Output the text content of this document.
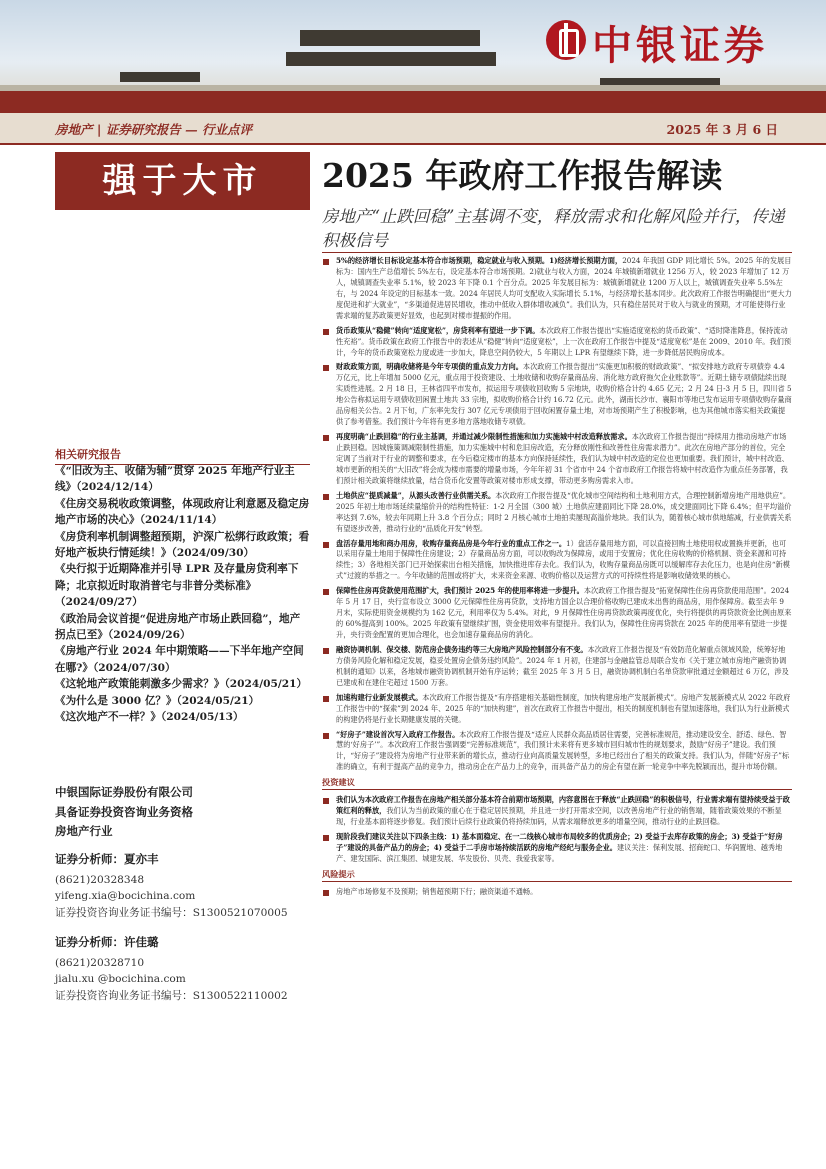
中银证券
房地产 | 证券研究报告 — 行业点评	2025 年 3 月 6 日
强于大市	2025 年政府工作报告解读
房地产“止跌回稳”主基调不变，释放需求和化解风险并行，传递积极信号
5%的经济增长目标设定基本符合市场预期，稳定就业与收入预期。1)经济增长预期方面，2024 年我国 GDP 同比增长 5%。2025 年的发展目标为：国内生产总值增长 5%左右，设定基本符合市场预期。2)就业与收入方面，2024 年城镇新增就业 1256 万人，较 2023 年增加了 12 万人，城镇调查失业率 5.1%，较 2023 年下降 0.1 个百分点。2025 年发展目标为：城镇新增就业 1200 万人以上，城镇调查失业率 5.5%左右，与 2024 年设定的目标基本一致。2024 年居民人均可支配收入实际增长 5.1%，与经济增长基本同步。此次政府工作报告明确提出“更大力度促进和扩大就业”，“多渠道促进居民增收，推动中低收入群体增收减负”。我们认为，只有稳住居民对于收入与就业的预期，才可能使得行业需求端的复苏政策更好显效，也起到对楼市提振的作用。
货币政策从“稳健”转向“适度宽松”，房贷利率有望进一步下调。本次政府工作报告提出“实施适度宽松的货币政策”、“适时降准降息，保持流动性充裕”。货币政策在政府工作报告中的表述从“稳健”转向“适度宽松”，上一次在政府工作报告中提及“适度宽松”是在 2009、2010 年。我们预计，今年的货币政策宽松力度或进一步加大，降息空间仍较大，5 年期以上 LPR 有望继续下降，进一步降低居民购房成本。
财政政策方面，明确收储将是今年专项债的重点发力方向。本次政府工作报告提出“实施更加积极的财政政策”、“拟安排地方政府专项债券 4.4 万亿元，比上年增加 5000 亿元，重点用于投资建设、土地收储和收购存量商品房、消化地方政府拖欠企业账款等”。近期土储专项债陆续出现实质性进展。2 月 18 日，王林省四平市发布，拟运用专项债收回收购 5 宗地块，收购价格合计约 4.65 亿元；2 月 24 日-3 月 5 日，四川省 5 地公告称拟运用专项债收回闲置土地共 33 宗地，拟收购价格合计约 16.72 亿元。此外，湖南长沙市、襄阳市等地已发布运用专项债收购存量商品房相关公告。2 月下旬，广东率先发行 307 亿元专项债用于回收闲置存量土地，对市场预期产生了积极影响，也为其他城市落实相关政策提供了参考借鉴。我们预计今年将有更多地方落地收储专项债。
再度明确“止跌回稳”的行业主基调，并通过减少限制性措施和加力实施城中村改造释放需求。本次政府工作报告提出“持续用力推动房地产市场止跌回稳。因城施策调减限制性措施，加力实施城中村和危旧房改造，充分释放刚性和改善性住房需求潜力”。此次在房地产部分的首位，完全定调了当前对于行业的调整和要求，在今后稳定楼市的基本方向保持延续性，我们认为城中村改造的定位也更加重要。我们预计，城中村改造、城市更新的相关的“大旧改”将会成为楼市需要的增量市场，今年年初 31 个省市中 24 个省市政府工作报告将城中村改造作为重点任务部署，我们预计相关政策将继续放量，结合货币化安置等政策对楼市形成支撑，带动更多购房需求入市。
土地供应“提质减量”，从源头改善行业供需关系。本次政府工作报告提及“优化城市空间结构和土地利用方式，合理控制新增房地产用地供应”。2025 年初土地市场延续量缩价升的结构性特征：1-2 月全国（300 城）土地供应建面同比下降 28.0%，成交建面同比下降 6.4%；但平均溢价率达到 7.6%，较去年同期上升 3.8 个百分点；同时 2 月核心城市土地拍卖屡现高溢价地块。我们认为，随着核心城市供地缩减，行业供需关系有望逐步改善，推动行业的“品质化开发”转型。
盘活存量用地和商办用房，收购存量商品房是今年行业的重点工作之一。1）盘活存量用地方面，可以直接回购土地使用权或置换并更新，也可以采用存量土地用于保障性住房建设；2）存量商品房方面，可以收购改为保障房，或用于安置房；优化住房收购的价格机制、资金来源和可持续性；3）各地相关部门已开始探索出台相关措施，加快推进库存去化。我们认为，收购存量商品房既可以缓解库存去化压力，也是向住房“新模式”过渡的举措之一。今年收储的范围或将扩大，未来资金来源、收购价格以及运营方式的可持续性将是影响收储效果的核心。
保障性住房再贷款使用范围扩大，我们预计 2025 年的使用率将进一步提升。本次政府工作报告提及“拓宽保障性住房再贷款使用范围”。2024 年 5 月 17 日，央行宣布设立 3000 亿元保障性住房再贷款，支持地方国企以合理价格收购已建成未出售的商品房，用作保障房。截至去年 9 月末，实际使用资金规模约为 162 亿元，利用率仅为 5.4%。对此，9 月保障性住房再贷款政策再度优化，央行将提供的再贷款资金比例由原来的 60%提高到 100%。2025 年政策有望继续扩围，资金使用效率有望提升。我们认为，保障性住房再贷款在 2025 年的使用率有望进一步提升，央行资金配置的更加合理化，也会加速存量商品房的消化。
融资协调机制、保交楼、防范房企债务违约等三大房地产风险控制部分有不变。本次政府工作报告提及“有效防范化解重点领域风险，统筹好地方债务风险化解和稳定发展，稳妥处置房企债务违约风险”。2024 年 1 月初，住建部与金融监管总局联合发布《关于建立城市房地产融资协调机制的通知》以来，各地城市融资协调机制开始有序运转；截至 2025 年 3 月 5 日，融资协调机制白名单贷款审批通过金额超过 6 万亿，涉及已建成和在建住宅超过 1500 万套。
加速构建行业新发展模式。本次政府工作报告提及“有序搭建相关基础性制度，加快构建房地产发展新模式”。房地产发展新模式从 2022 年政府工作报告中的“探索”到 2024 年、2025 年的“加快构建”，首次在政府工作报告中提出，相关的制度机制也有望加速落地，我们认为行业新模式的构建仍将是行业长期健康发展的关键。
“好房子”建设首次写入政府工作报告。本次政府工作报告提及“适应人民群众高品质居住需要，完善标准规范，推动建设安全、舒适、绿色、智慧的‘好房子’”。本次政府工作报告强调要“完善标准规范”，我们预计未来将有更多城市回归城市性的规划要求，鼓励“好房子”建设。我们预计，“好房子”建设将为房地产行业带来新的增长点，推动行业向高质量发展转型，多地已经出台了相关的政策支持。我们认为，伴随“好房子”标准的确立，有利于提高产品的竞争力，推动房企在产品力上的竞争，而具备产品力的房企有望在新一轮竞争中率先脱颖而出，提升市场份额。
投资建议
我们认为本次政府工作报告在房地产相关部分基本符合前期市场预期，内容意图在于释放“止跌回稳”的积极信号，行业需求端有望持续受益于政策红利的释放，我们认为当前政策的重心在于稳定居民预期，并且进一步打开需求空间，以改善房地产行业的销售端，随着政策效果的不断显现，行业基本面将逐步修复。我们预计后续行业政策仍将持续加码，从需求端释放更多的增量空间，推动行业的止跌回稳。
现阶段我们建议关注以下四条主线：1) 基本面稳定、在一二线核心城市布局较多的优质房企；2) 受益于去库存政策的房企；3) 受益于“好房子”建设的具备产品力的房企；4) 受益于二手房市场持续活跃的房地产经纪与服务企业。建议关注：保利发展、招商蛇口、华润置地、越秀地产、建发国际、滨江集团、城建发展、华发股份、贝壳、我爱我家等。
风险提示
房地产市场修复不及预期；销售超预期下行；融资渠道不通畅。
相关研究报告
《“旧改为主、收储为辅”贯穿 2025 年地产行业主线》（2024/12/14）
《住房交易税收政策调整，体现政府让利意愿及稳定房地产市场的决心》（2024/11/14）
《房贷利率机制调整超预期，沪深广松绑行政政策；看好地产板块行情延续！》（2024/09/30）
《央行拟于近期降准并引导 LPR 及存量房贷利率下降；北京拟近时取消普宅与非普分类标准》（2024/09/27）
《政治局会议首提“促进房地产市场止跌回稳”，地产拐点已至》（2024/09/26）
《房地产行业 2024 年中期策略——下半年地产空间在哪?》（2024/07/30）
《这轮地产政策能刺激多少需求？》（2024/05/21）
《为什么是 3000 亿？》（2024/05/21）
《这次地产不一样？》（2024/05/13）
中银国际证券股份有限公司
具备证券投资咨询业务资格
房地产行业
证券分析师：夏亦丰
(8621)20328348
yifeng.xia@bocichina.com
证券投资咨询业务证书编号：S1300521070005
证券分析师：许佳璐
(8621)20328710
jialu.xu @bocichina.com
证券投资咨询业务证书编号：S1300522110002
